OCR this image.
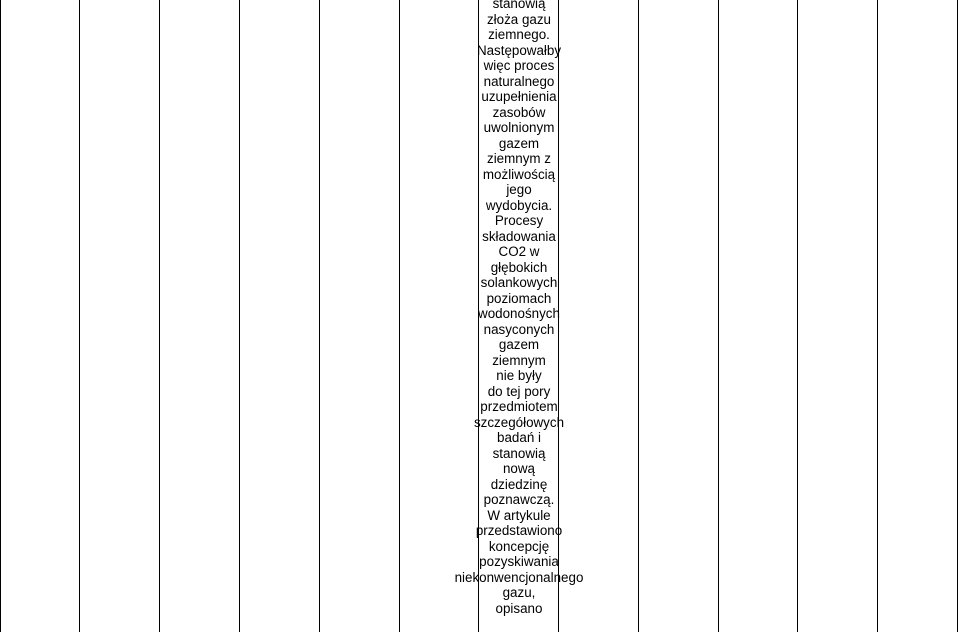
stanowią
złoża gazu
ziemnego.
Następowałby
więc proces
naturalnego
uzupełnienia
zasobów
uwolnionym
gazem
ziemnym z
możliwością
jego
wydobycia.
Procesy
składowania
CO2 w
głębokich
solankowych
poziomach
wodonośnych
nasyconych
gazem
ziemnym
nie były
do tej pory
przedmiotem
szczegółowych
badań i
stanowią
nową
dziedzinę
poznawczą.
W artykule
przedstawiono
koncepcję
pozyskiwania
niekonwencjonalnego
gazu,
opisano
